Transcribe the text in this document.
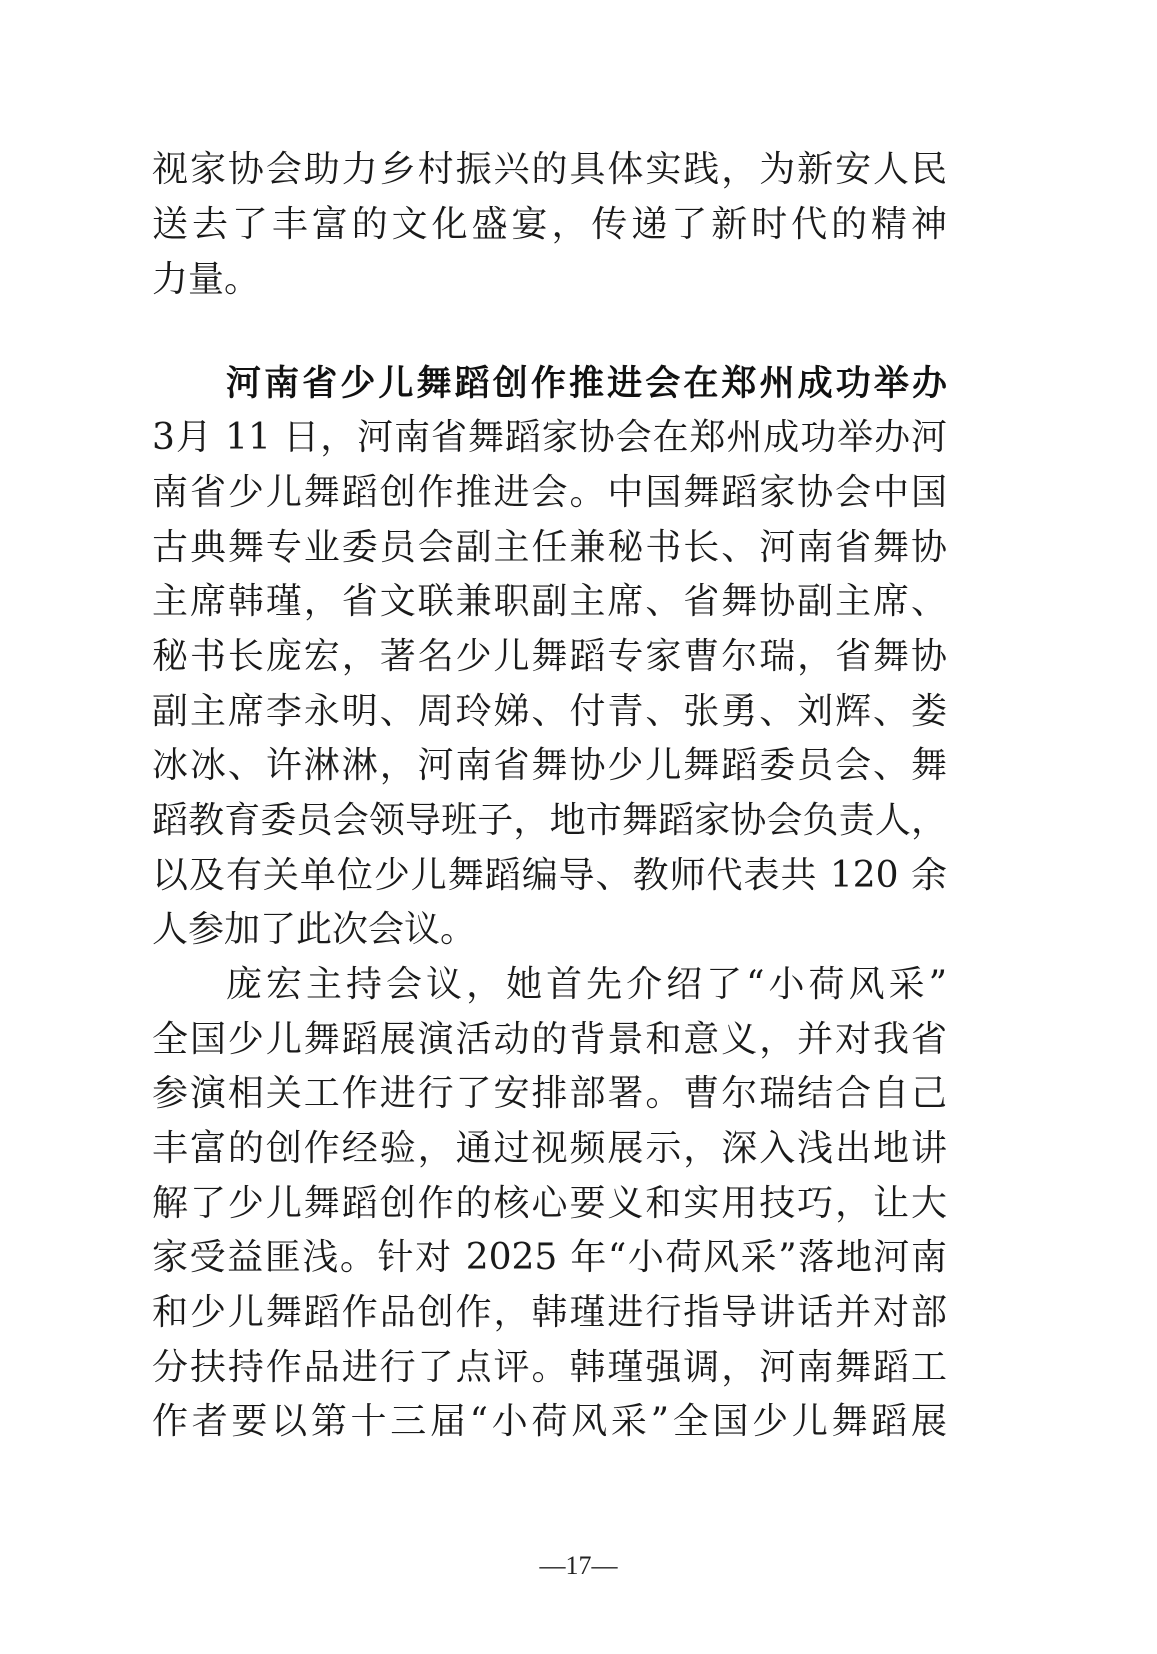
视家协会助力乡村振兴的具体实践，为新安人民
送去了丰富的文化盛宴，传递了新时代的精神
力量。
河南省少儿舞蹈创作推进会在郑州成功举办
3月 11 日，河南省舞蹈家协会在郑州成功举办河
南省少儿舞蹈创作推进会。中国舞蹈家协会中国
古典舞专业委员会副主任兼秘书长、河南省舞协
主席韩瑾，省文联兼职副主席、省舞协副主席、
秘书长庞宏，著名少儿舞蹈专家曹尔瑞，省舞协
副主席李永明、周玲娣、付青、张勇、刘辉、娄
冰冰、许淋淋，河南省舞协少儿舞蹈委员会、舞
蹈教育委员会领导班子，地市舞蹈家协会负责人，
以及有关单位少儿舞蹈编导、教师代表共 120 余
人参加了此次会议。
庞宏主持会议，她首先介绍了“小荷风采”
全国少儿舞蹈展演活动的背景和意义，并对我省
参演相关工作进行了安排部署。曹尔瑞结合自己
丰富的创作经验，通过视频展示，深入浅出地讲
解了少儿舞蹈创作的核心要义和实用技巧，让大
家受益匪浅。针对 2025 年“小荷风采”落地河南
和少儿舞蹈作品创作，韩瑾进行指导讲话并对部
分扶持作品进行了点评。韩瑾强调，河南舞蹈工
作者要以第十三届“小荷风采”全国少儿舞蹈展
—17—
